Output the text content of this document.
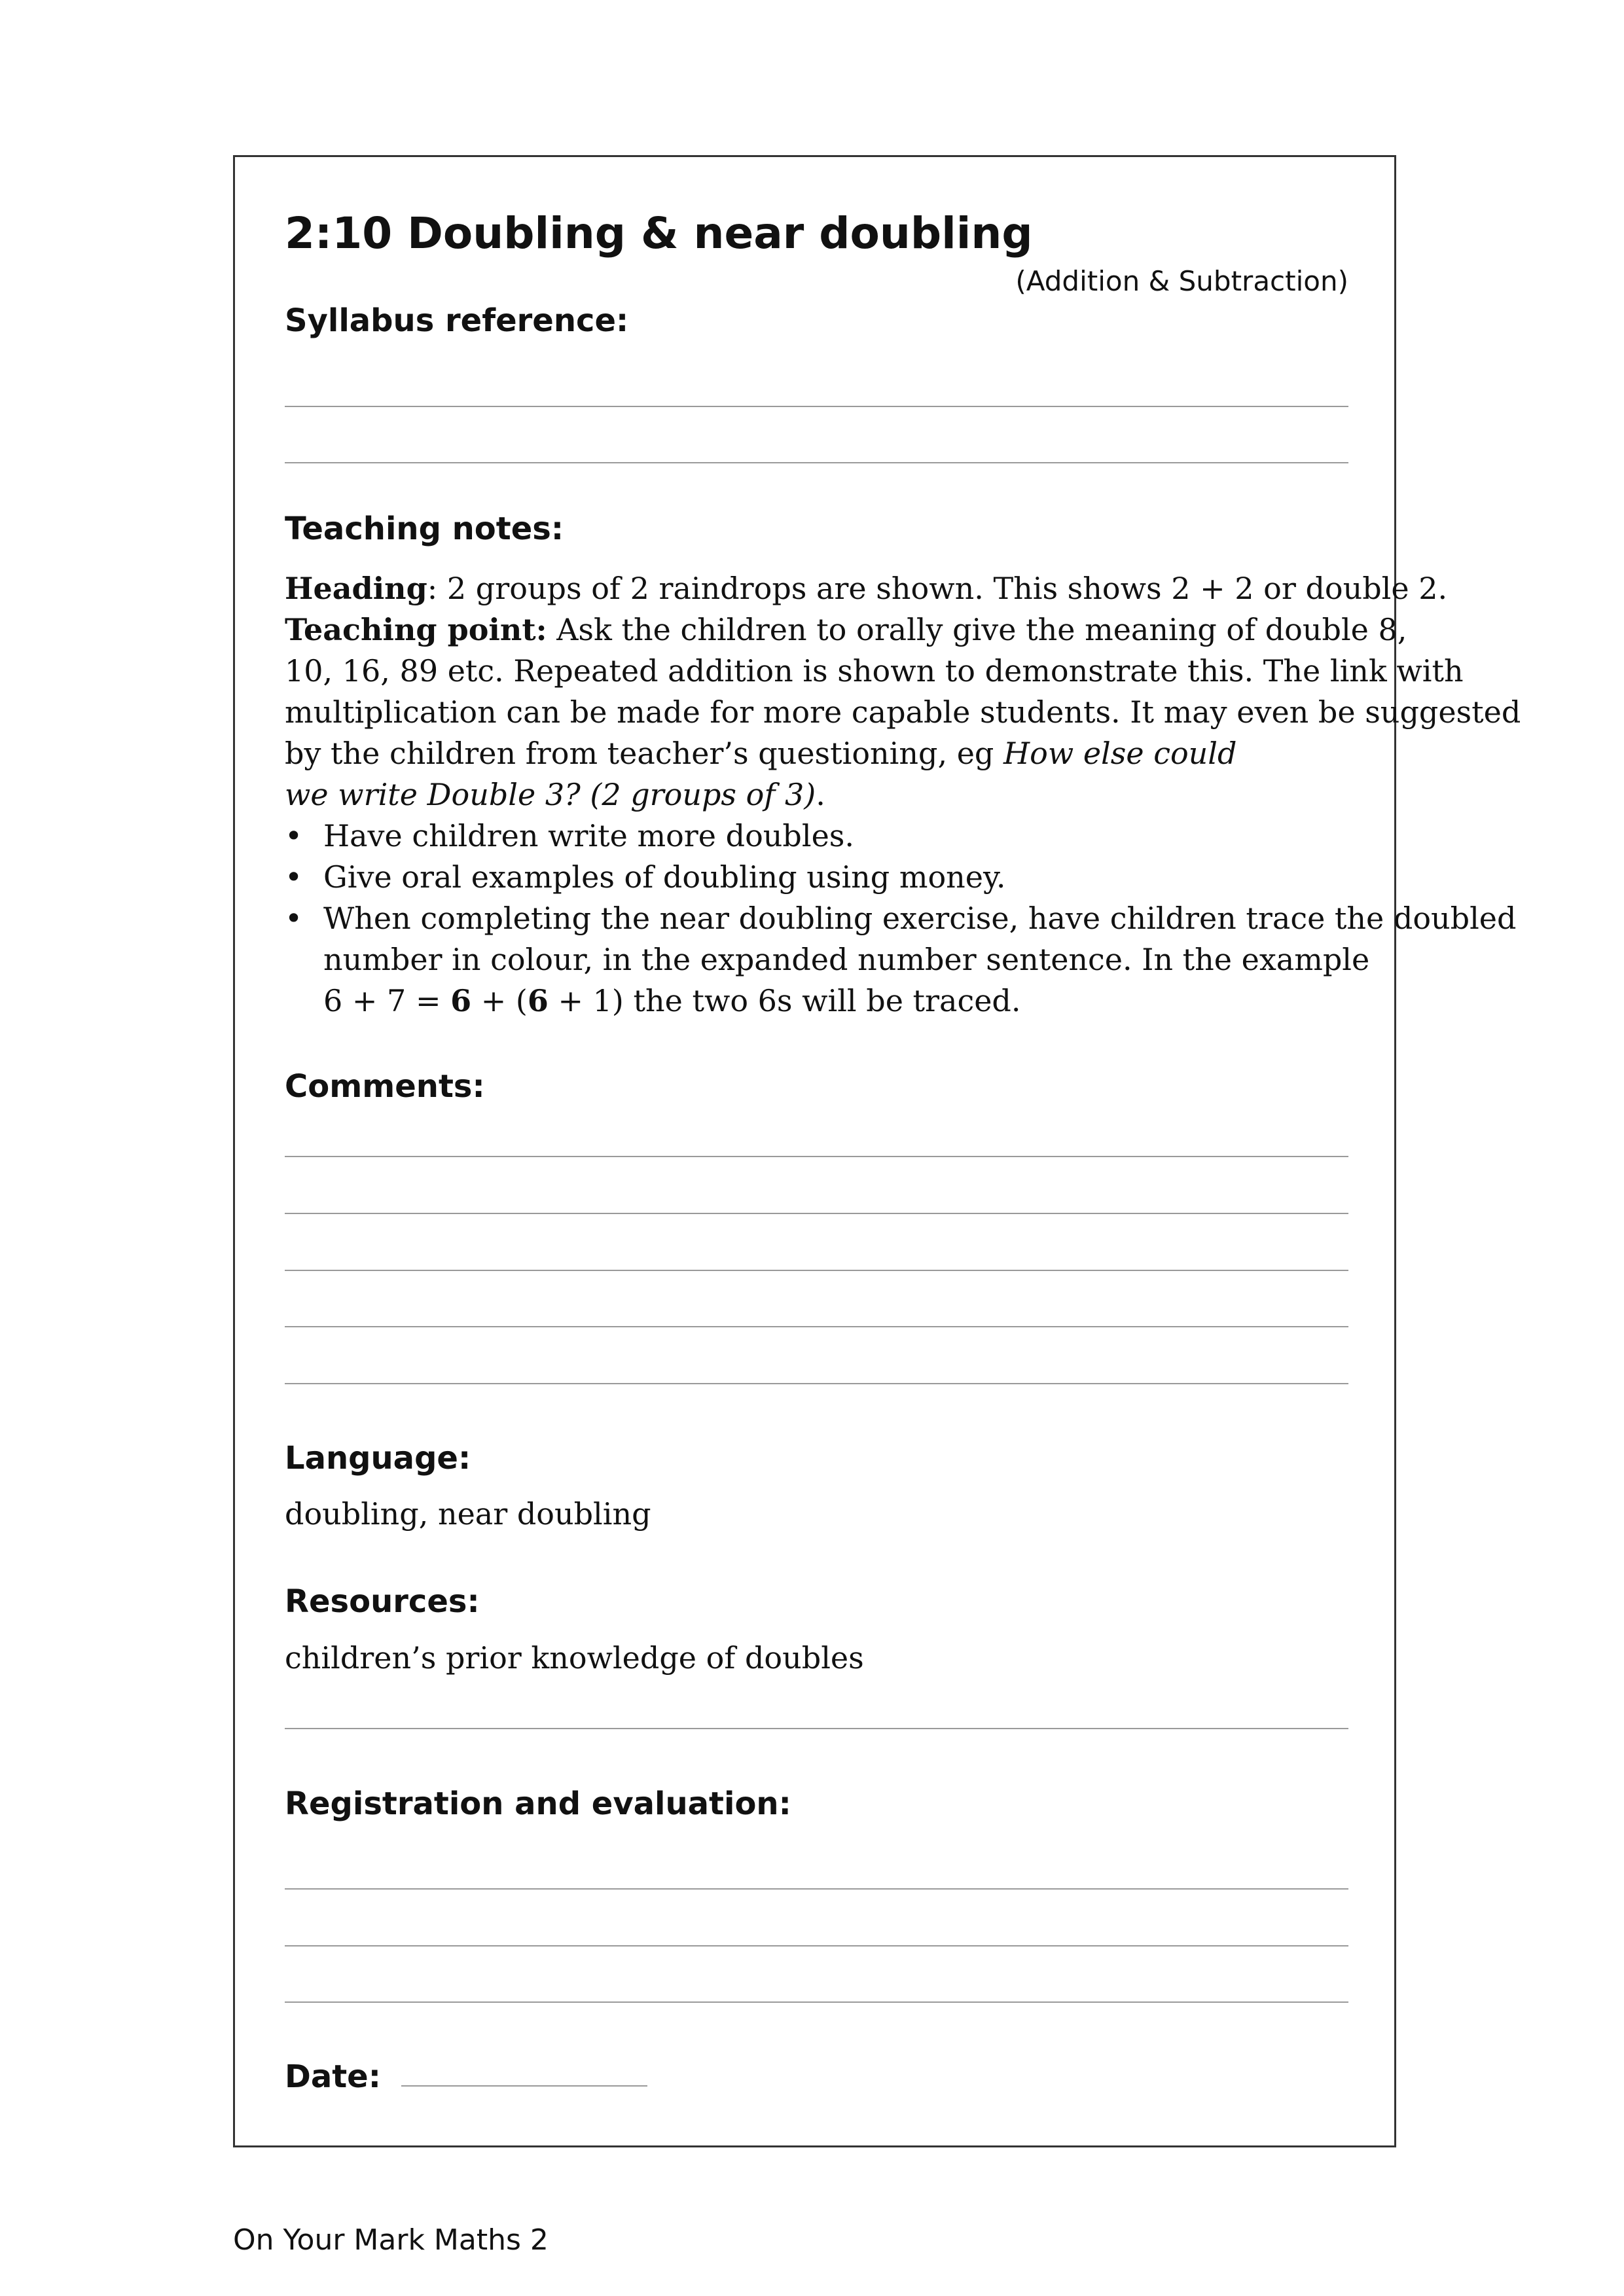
2:10 Doubling & near doubling
(Addition & Subtraction)
Syllabus reference:
Teaching notes:

Heading: 2 groups of 2 raindrops are shown. This shows 2 + 2 or double 2.

Teaching point: Ask the children to orally give the meaning of double 8,

10, 16, 89 etc. Repeated addition is shown to demonstrate this. The link with

multiplication can be made for more capable students. It may even be suggested

by the children from teacher’s questioning, eg How else could

we write Double 3? (2 groups of 3).

• Have children write more doubles.
• Give oral examples of doubling using money.
• When completing the near doubling exercise, have children trace the doubled
number in colour, in the expanded number sentence. In the example
6 + 7 = 6 + (6 + 1) the two 6s will be traced.
Comments:
Language:
doubling, near doubling
Resources:
children’s prior knowledge of doubles
Registration and evaluation:
Date:
On Your Mark Maths 2
